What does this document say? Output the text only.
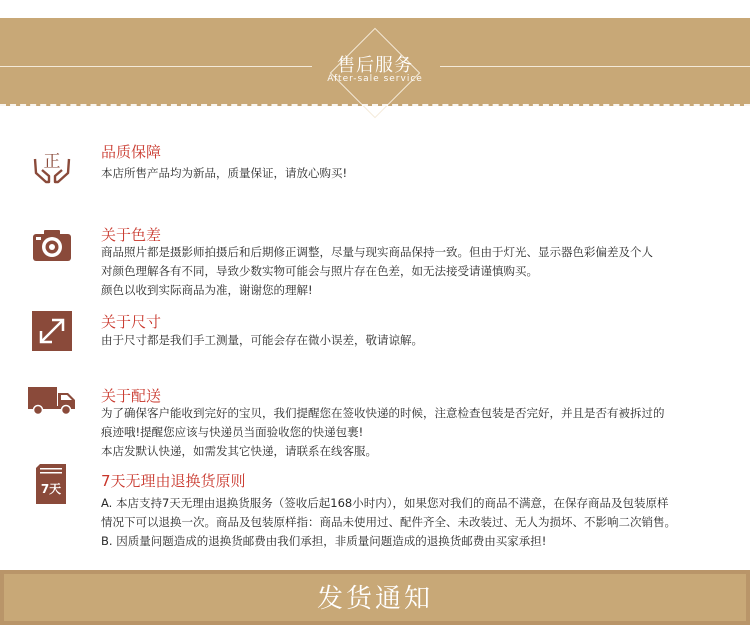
售后服务
After-sale service
正	品质保障
本店所售产品均为新品，质量保证，请放心购买!
关于色差
商品照片都是摄影师拍摄后和后期修正调整，尽量与现实商品保持一致。但由于灯光、显示器色彩偏差及个人
对颜色理解各有不同，导致少数实物可能会与照片存在色差，如无法接受请谨慎购买。
颜色以收到实际商品为准，谢谢您的理解!
关于尺寸
由于尺寸都是我们手工测量，可能会存在微小误差，敬请谅解。
关于配送
为了确保客户能收到完好的宝贝，我们提醒您在签收快递的时候，注意检查包装是否完好，并且是否有被拆过的
痕迹哦!提醒您应该与快递员当面验收您的快递包裹!
本店发默认快递，如需发其它快递，请联系在线客服。
7天	7天无理由退换货原则
A. 本店支持7天无理由退换货服务（签收后起168小时内），如果您对我们的商品不满意，在保存商品及包装原样
情况下可以退换一次。商品及包装原样指：商品未使用过、配件齐全、未改装过、无人为损坏、不影响二次销售。
B. 因质量问题造成的退换货邮费由我们承担，非质量问题造成的退换货邮费由买家承担!
发货通知
